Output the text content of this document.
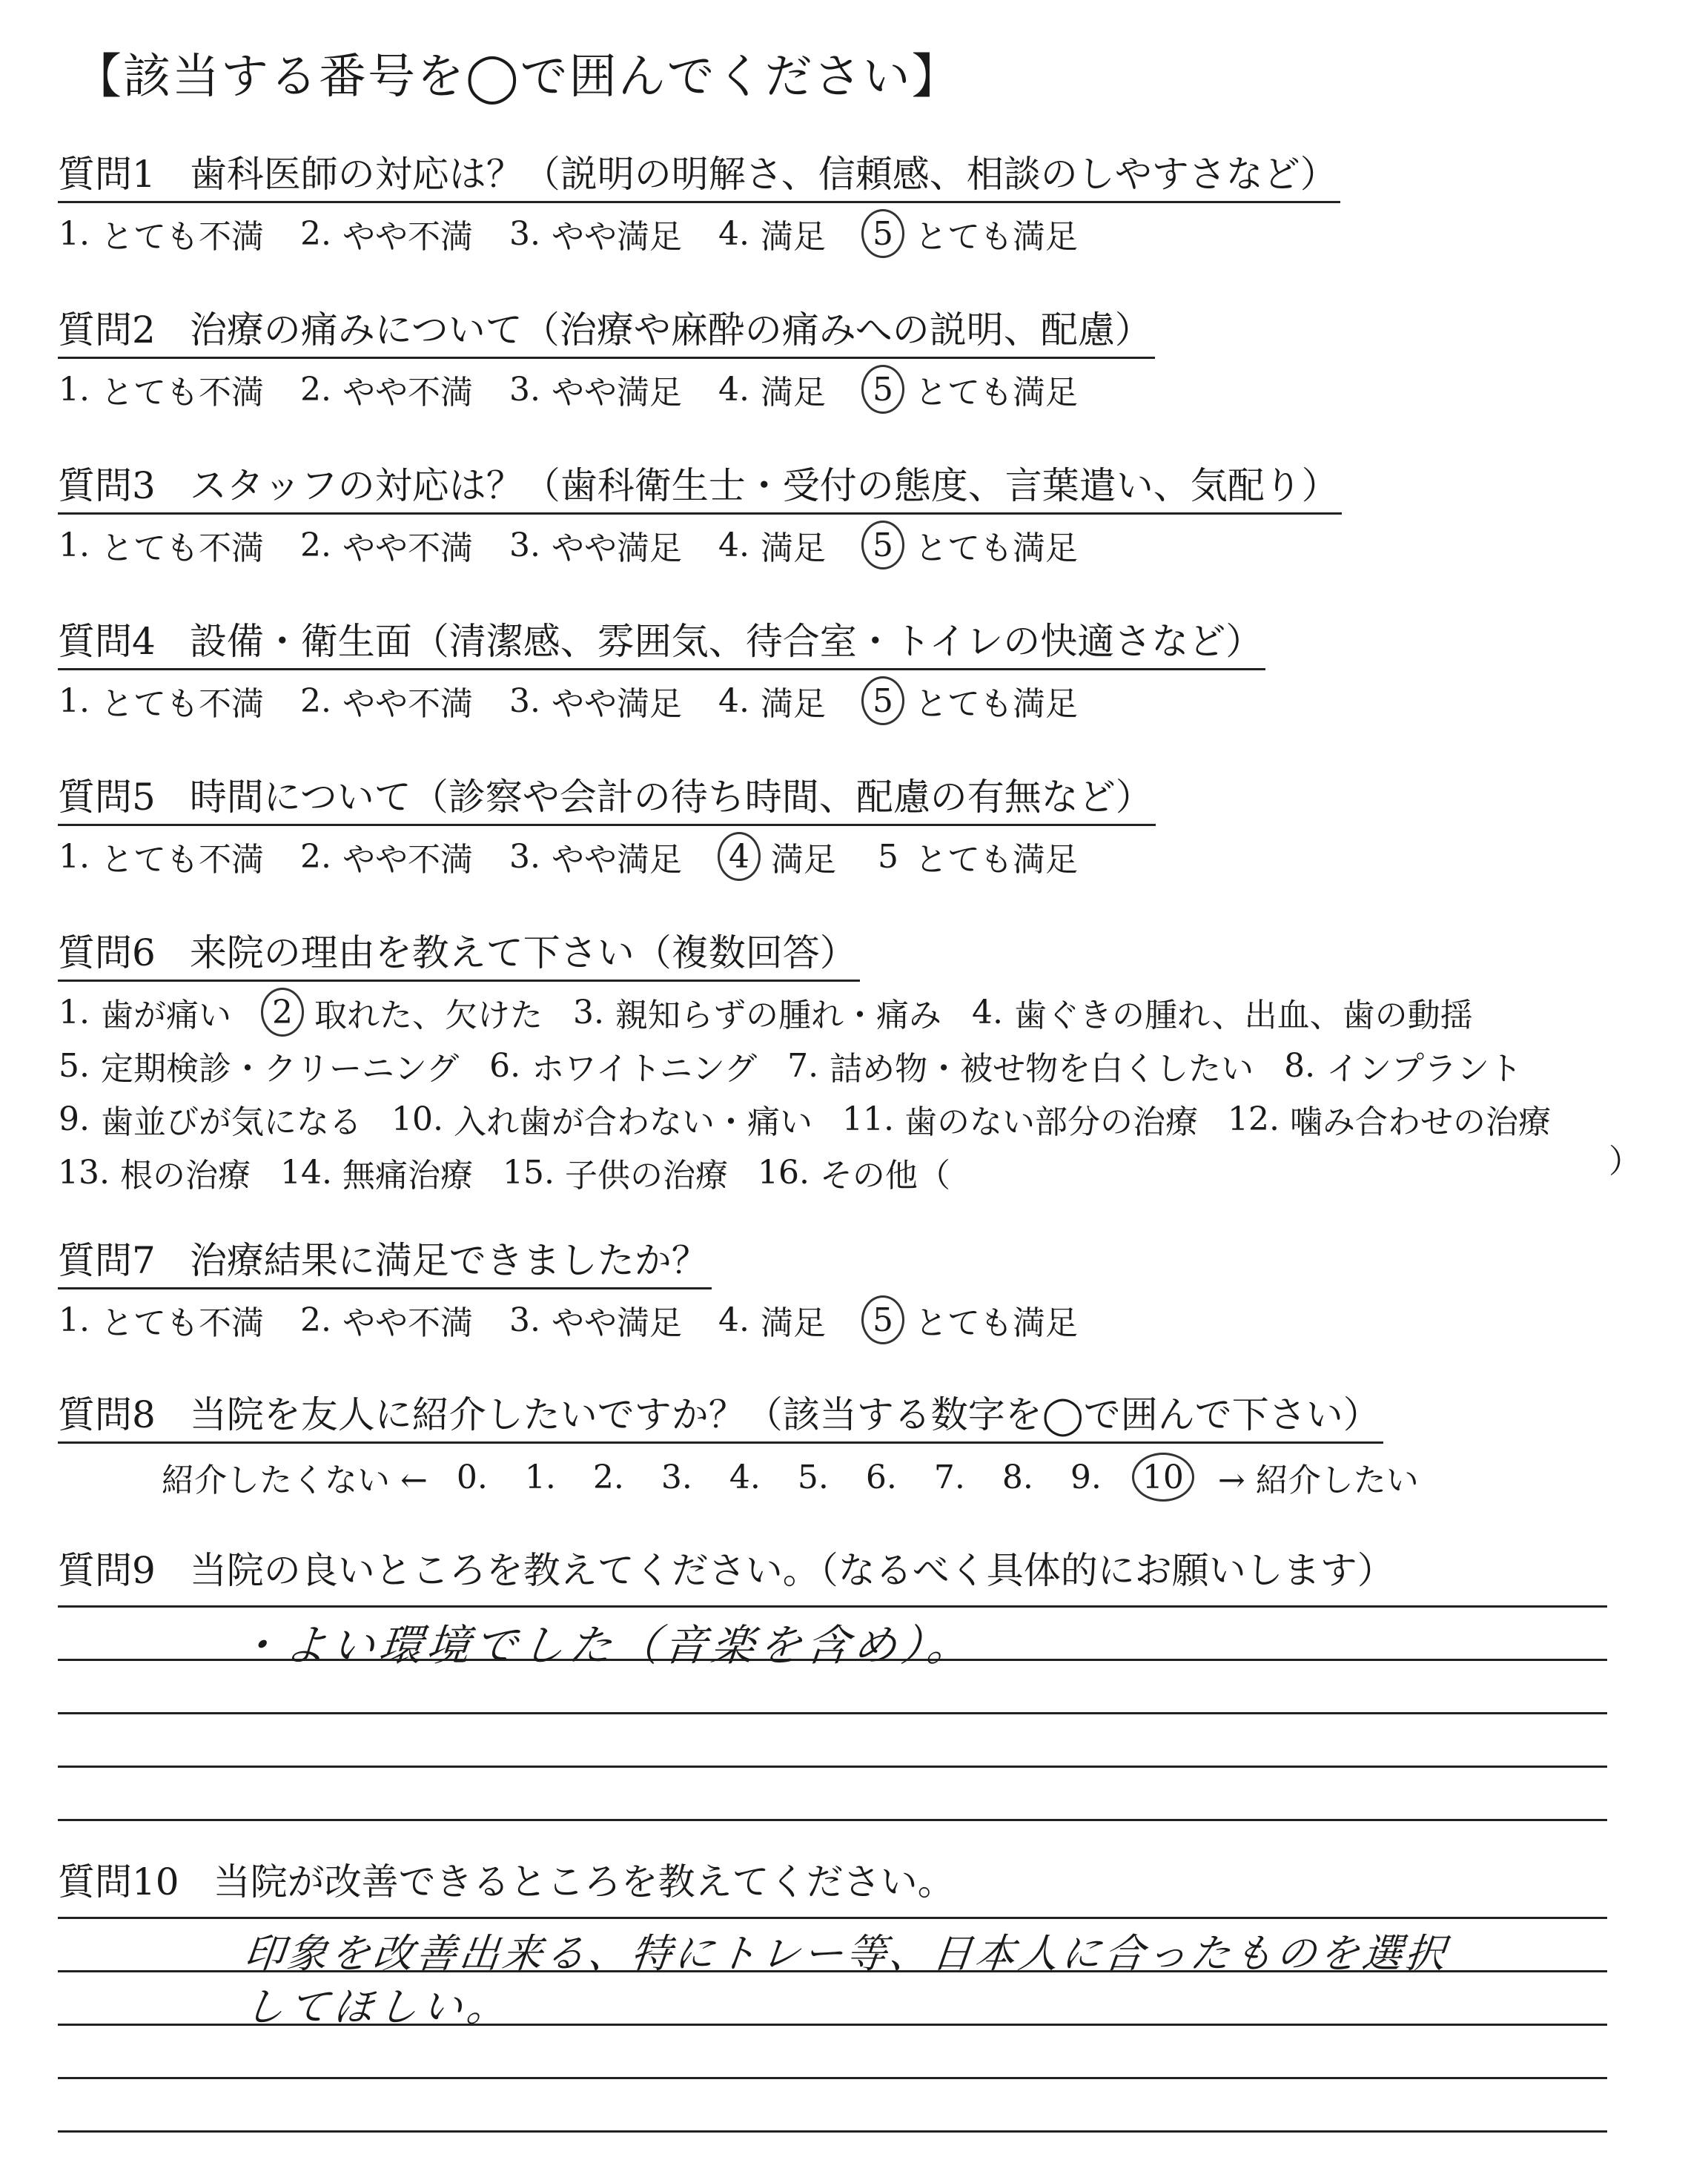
【該当する番号を◯で囲んでください】
質問1 歯科医師の対応は？（説明の明解さ、信頼感、相談のしやすさなど）
1. とても不満 2. やや不満 3. やや満足 4. 満足	5 とても満足
質問2 治療の痛みについて（治療や麻酔の痛みへの説明、配慮）
1. とても不満 2. やや不満 3. やや満足 4. 満足	5 とても満足
質問3 スタッフの対応は？（歯科衛生士・受付の態度、言葉遣い、気配り）
1. とても不満 2. やや不満 3. やや満足 4. 満足	5 とても満足
質問4 設備・衛生面（清潔感、雰囲気、待合室・トイレの快適さなど）
1. とても不満 2. やや不満 3. やや満足 4. 満足	5 とても満足
質問5 時間について（診察や会計の待ち時間、配慮の有無など）
1. とても不満 2. やや不満 3. やや満足	4 満足 5 とても満足
質問6 来院の理由を教えて下さい（複数回答）
1. 歯が痛い	2 取れた、欠けた 3. 親知らずの腫れ・痛み 4. 歯ぐきの腫れ、出血、歯の動揺
5. 定期検診・クリーニング 6. ホワイトニング 7. 詰め物・被せ物を白くしたい 8. インプラント
9. 歯並びが気になる 10. 入れ歯が合わない・痛い 11. 歯のない部分の治療 12. 噛み合わせの治療
13. 根の治療 14. 無痛治療 15. 子供の治療 16. その他（	）
質問7 治療結果に満足できましたか？
1. とても不満 2. やや不満 3. やや満足 4. 満足	5 とても満足
質問8 当院を友人に紹介したいですか？（該当する数字を◯で囲んで下さい）
紹介したくない ← 0. 1. 2. 3. 4. 5. 6. 7. 8. 9.	10	→ 紹介したい
質問9 当院の良いところを教えてください。（なるべく具体的にお願いします）
・よい環境でした（音楽を含め）。
質問10 当院が改善できるところを教えてください。
印象を改善出来る、特にトレー等、日本人に合ったものを選択
してほしい。
